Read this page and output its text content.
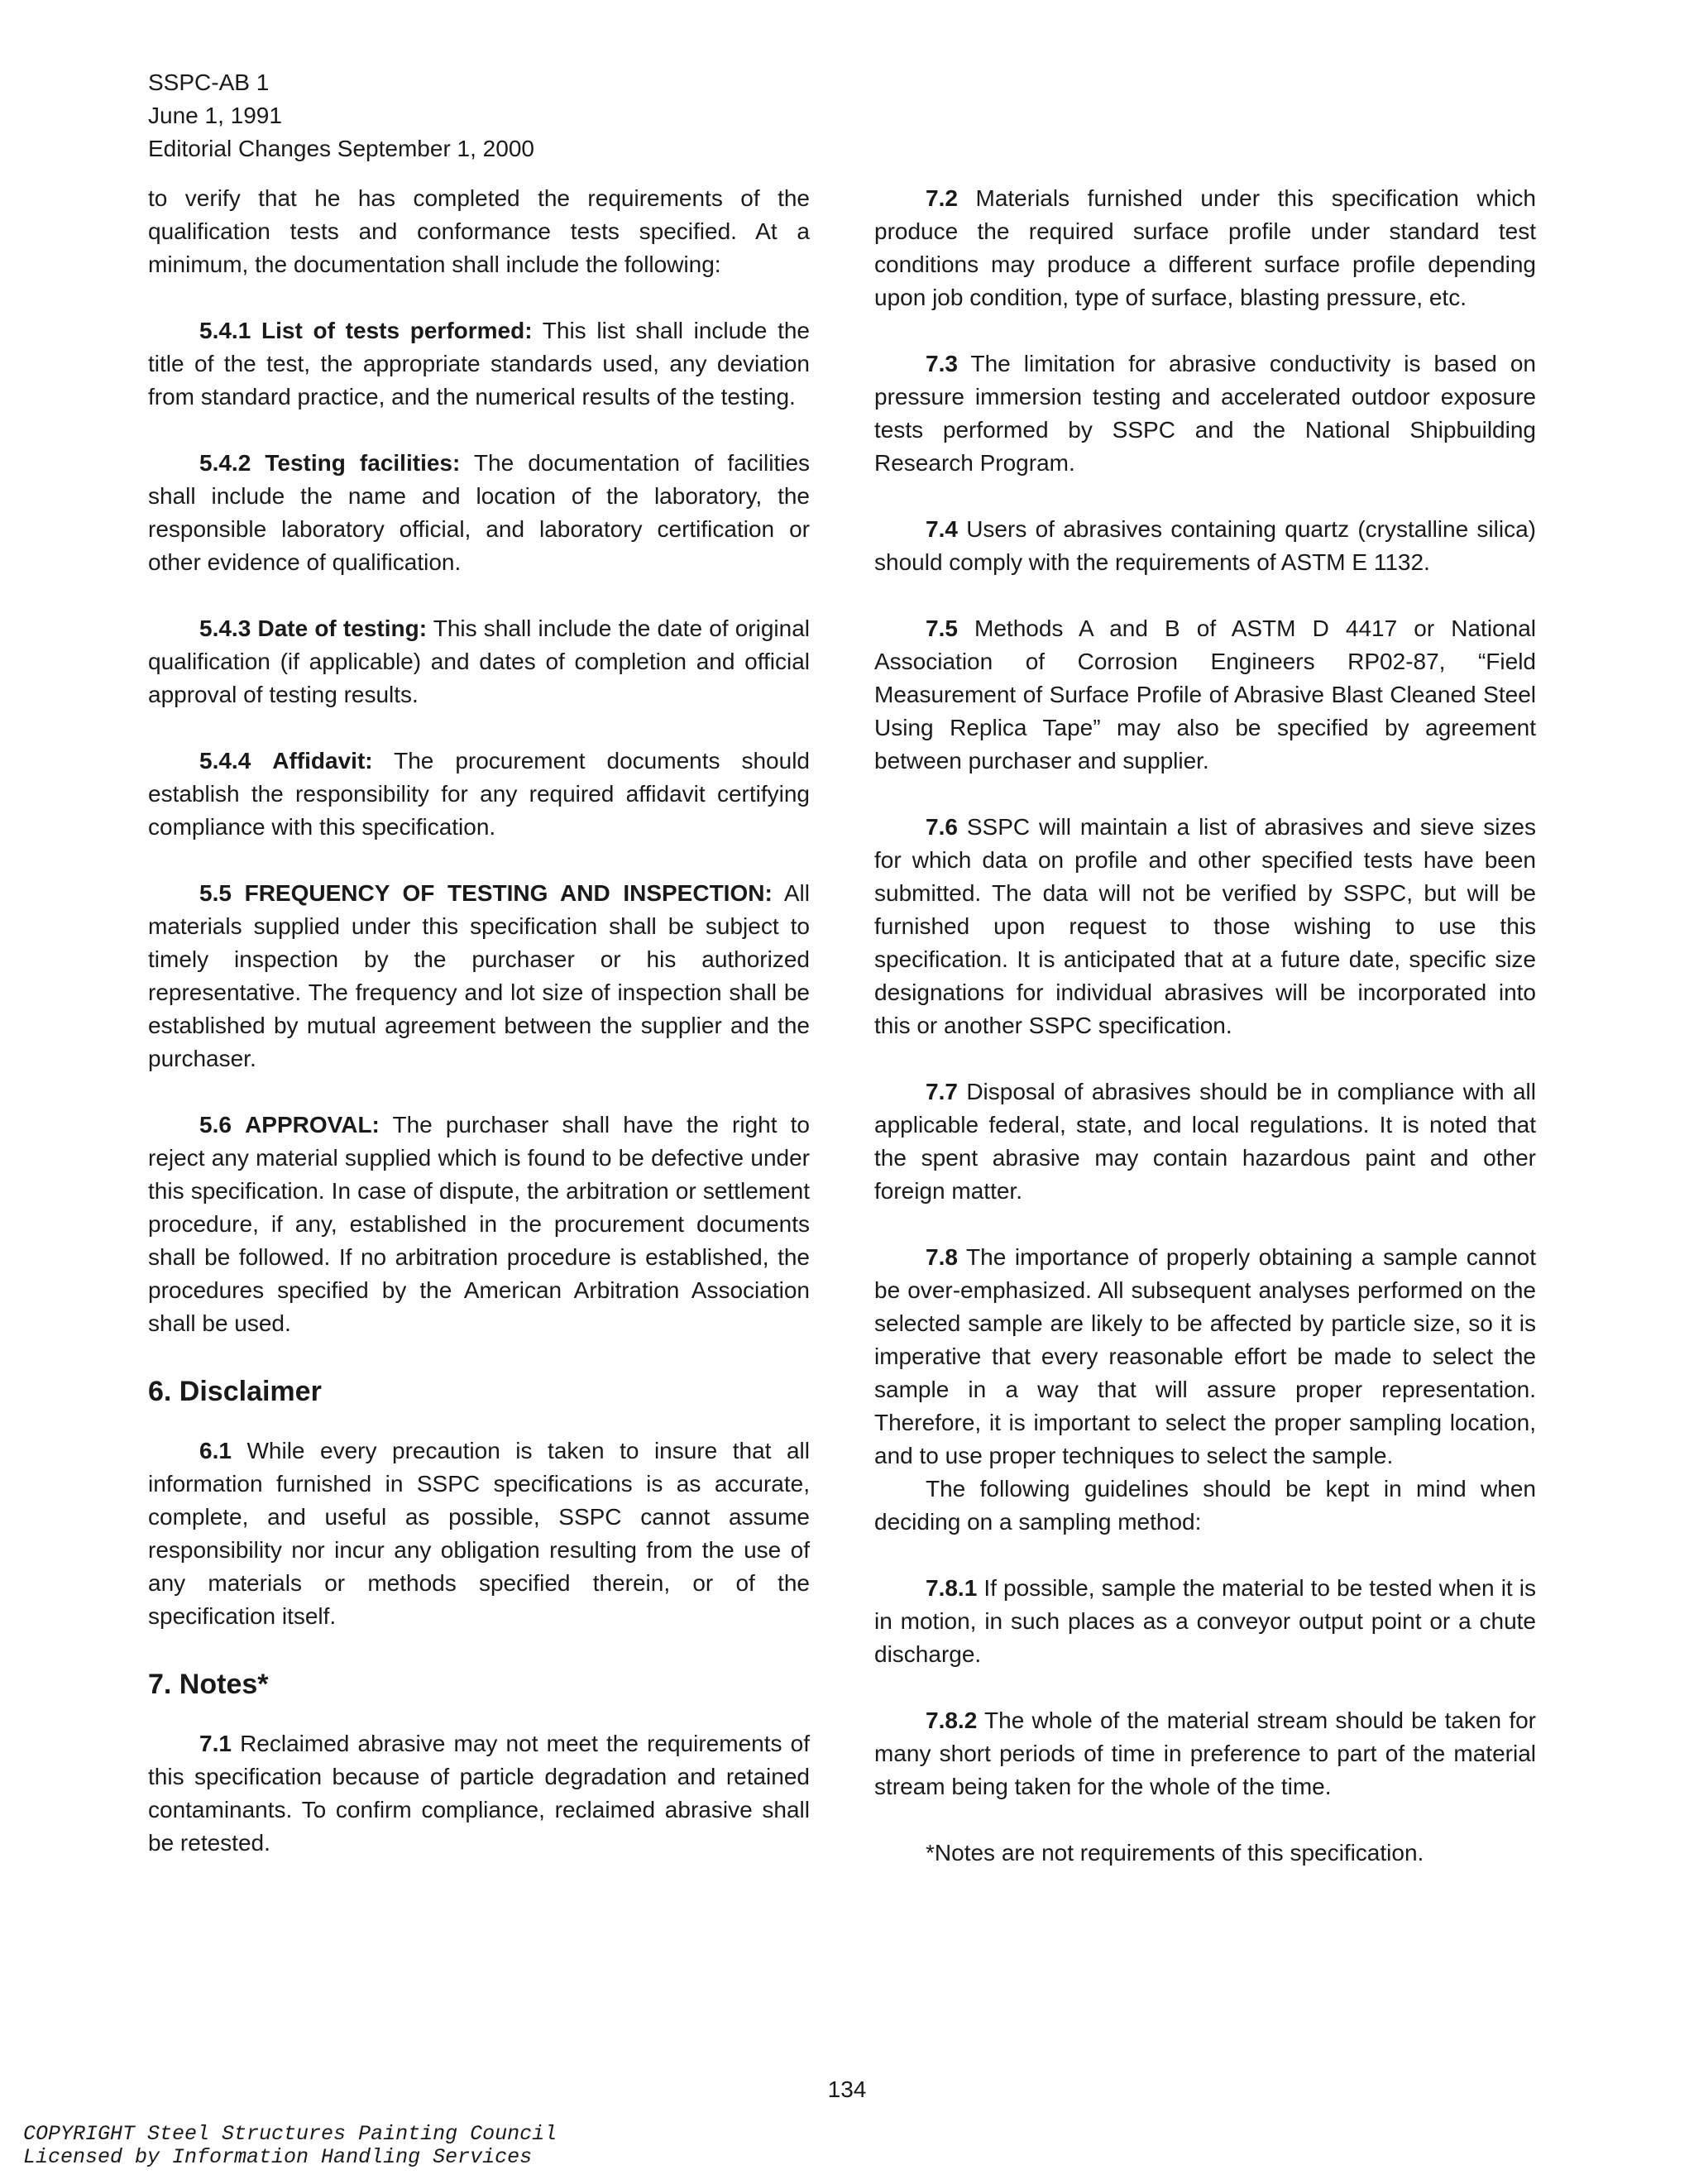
SSPC-AB 1
June 1, 1991
Editorial Changes September 1, 2000

to verify that he has completed the requirements of the qualification tests and conformance tests specified. At a minimum, the documentation shall include the following:

5.4.1 List of tests performed: This list shall include the title of the test, the appropriate standards used, any deviation from standard practice, and the numerical results of the testing.

5.4.2 Testing facilities: The documentation of facilities shall include the name and location of the laboratory, the responsible laboratory official, and laboratory certification or other evidence of qualification.

5.4.3 Date of testing: This shall include the date of original qualification (if applicable) and dates of completion and official approval of testing results.

5.4.4 Affidavit: The procurement documents should establish the responsibility for any required affidavit certifying compliance with this specification.

5.5 FREQUENCY OF TESTING AND INSPECTION: All materials supplied under this specification shall be subject to timely inspection by the purchaser or his authorized representative. The frequency and lot size of inspection shall be established by mutual agreement between the supplier and the purchaser.

5.6 APPROVAL: The purchaser shall have the right to reject any material supplied which is found to be defective under this specification. In case of dispute, the arbitration or settlement procedure, if any, established in the procurement documents shall be followed. If no arbitration procedure is established, the procedures specified by the American Arbitration Association shall be used.

6. Disclaimer

6.1 While every precaution is taken to insure that all information furnished in SSPC specifications is as accurate, complete, and useful as possible, SSPC cannot assume responsibility nor incur any obligation resulting from the use of any materials or methods specified therein, or of the specification itself.

7. Notes*

7.1 Reclaimed abrasive may not meet the requirements of this specification because of particle degradation and retained contaminants. To confirm compliance, reclaimed abrasive shall be retested.

7.2 Materials furnished under this specification which produce the required surface profile under standard test conditions may produce a different surface profile depending upon job condition, type of surface, blasting pressure, etc.

7.3 The limitation for abrasive conductivity is based on pressure immersion testing and accelerated outdoor exposure tests performed by SSPC and the National Shipbuilding Research Program.

7.4 Users of abrasives containing quartz (crystalline silica) should comply with the requirements of ASTM E 1132.

7.5 Methods A and B of ASTM D 4417 or National Association of Corrosion Engineers RP02-87, “Field Measurement of Surface Profile of Abrasive Blast Cleaned Steel Using Replica Tape” may also be specified by agreement between purchaser and supplier.

7.6 SSPC will maintain a list of abrasives and sieve sizes for which data on profile and other specified tests have been submitted. The data will not be verified by SSPC, but will be furnished upon request to those wishing to use this specification. It is anticipated that at a future date, specific size designations for individual abrasives will be incorporated into this or another SSPC specification.

7.7 Disposal of abrasives should be in compliance with all applicable federal, state, and local regulations. It is noted that the spent abrasive may contain hazardous paint and other foreign matter.

7.8 The importance of properly obtaining a sample cannot be over-emphasized. All subsequent analyses performed on the selected sample are likely to be affected by particle size, so it is imperative that every reasonable effort be made to select the sample in a way that will assure proper representation. Therefore, it is important to select the proper sampling location, and to use proper techniques to select the sample.

The following guidelines should be kept in mind when deciding on a sampling method:

7.8.1 If possible, sample the material to be tested when it is in motion, in such places as a conveyor output point or a chute discharge.

7.8.2 The whole of the material stream should be taken for many short periods of time in preference to part of the material stream being taken for the whole of the time.

*Notes are not requirements of this specification.

134
COPYRIGHT Steel Structures Painting Council
Licensed by Information Handling Services
